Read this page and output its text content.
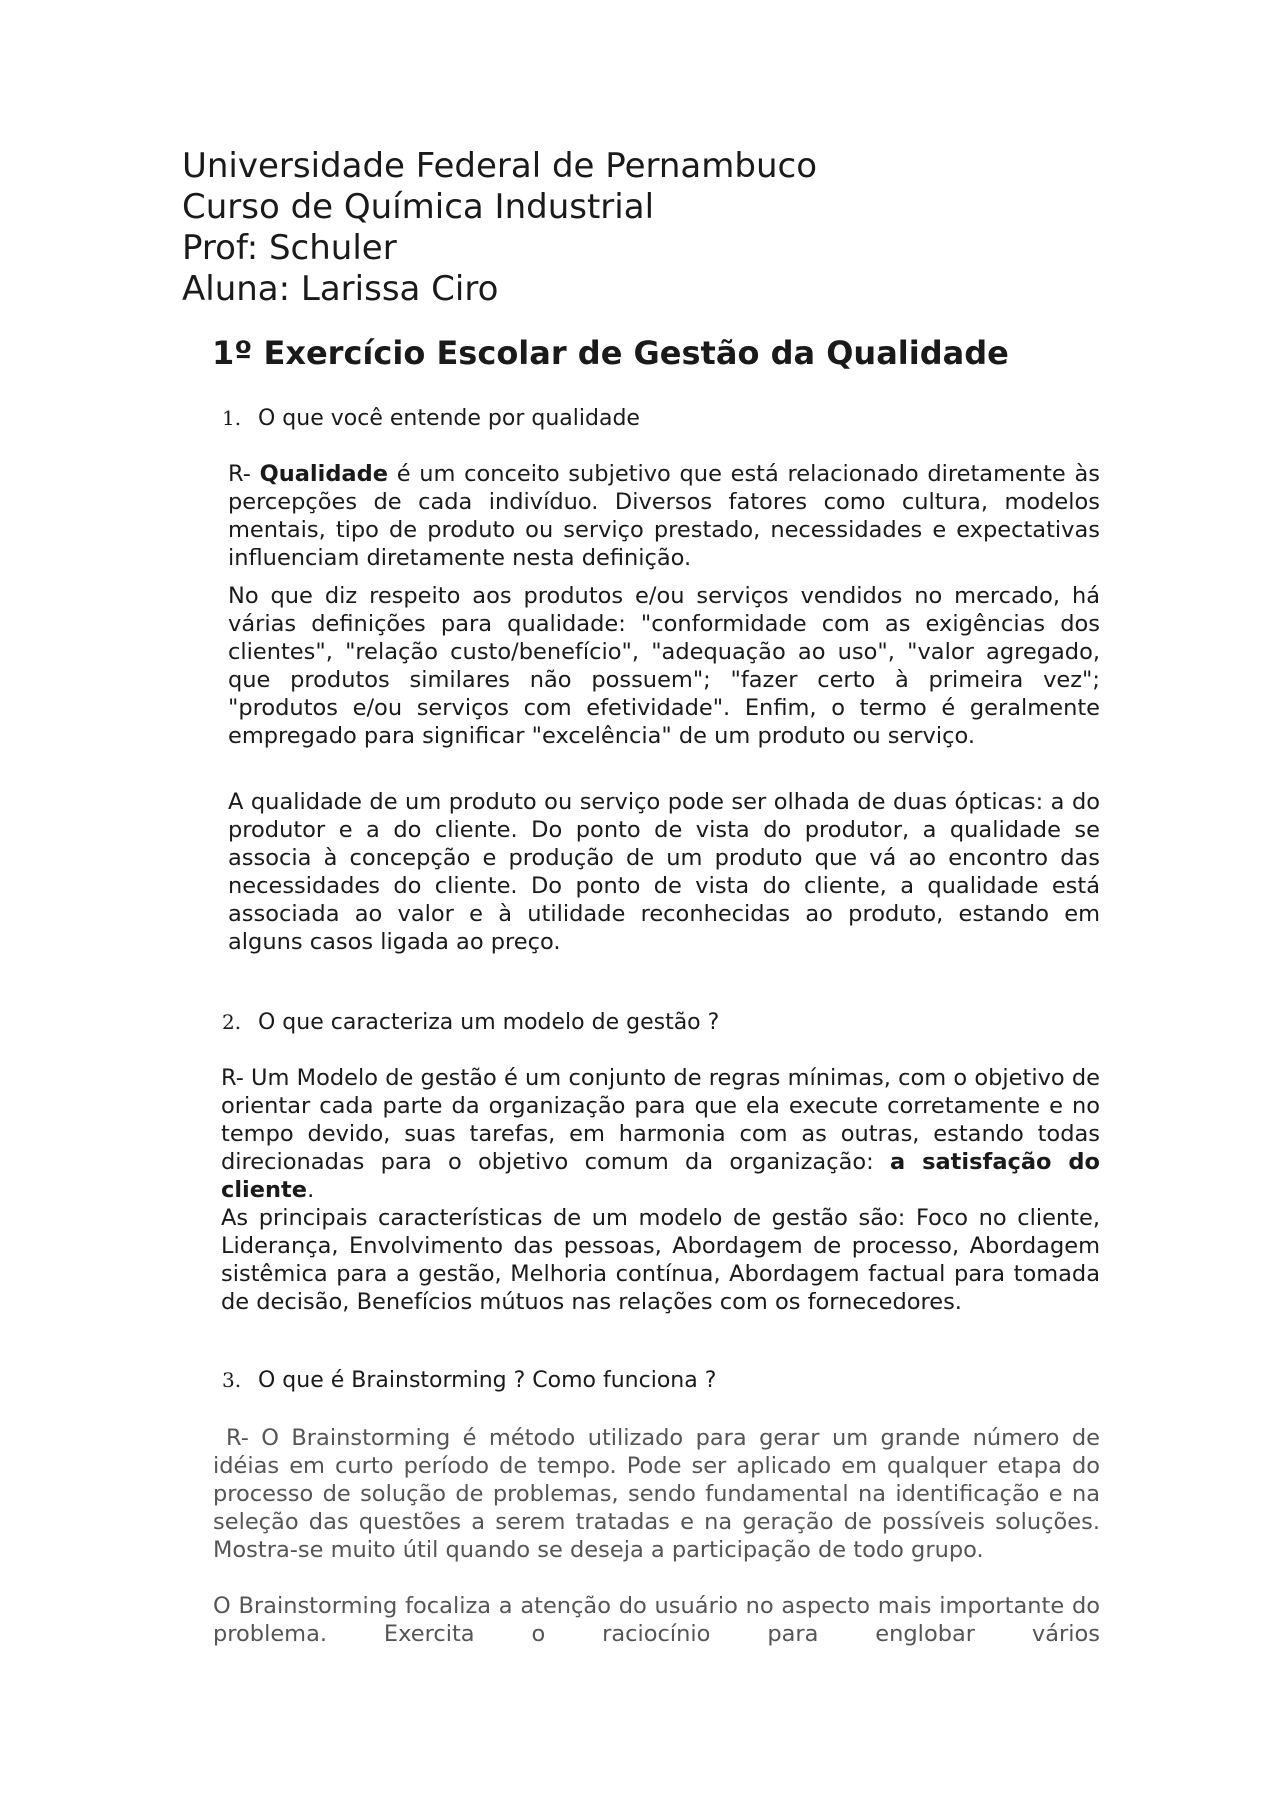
Universidade Federal de Pernambuco
Curso de Química Industrial
Prof: Schuler
Aluna: Larissa Ciro
1º Exercício Escolar de Gestão da Qualidade
1. O que você entende por qualidade
R- Qualidade é um conceito subjetivo que está relacionado diretamente às percepções de cada indivíduo. Diversos fatores como cultura, modelos mentais, tipo de produto ou serviço prestado, necessidades e expectativas influenciam diretamente nesta definição.
No que diz respeito aos produtos e/ou serviços vendidos no mercado, há várias definições para qualidade: "conformidade com as exigências dos clientes", "relação custo/benefício", "adequação ao uso", "valor agregado, que produtos similares não possuem"; "fazer certo à primeira vez"; "produtos e/ou serviços com efetividade". Enfim, o termo é geralmente empregado para significar "excelência" de um produto ou serviço.
A qualidade de um produto ou serviço pode ser olhada de duas ópticas: a do produtor e a do cliente. Do ponto de vista do produtor, a qualidade se associa à concepção e produção de um produto que vá ao encontro das necessidades do cliente. Do ponto de vista do cliente, a qualidade está associada ao valor e à utilidade reconhecidas ao produto, estando em alguns casos ligada ao preço.
2. O que caracteriza um modelo de gestão ?
R- Um Modelo de gestão é um conjunto de regras mínimas, com o objetivo de orientar cada parte da organização para que ela execute corretamente e no tempo devido, suas tarefas, em harmonia com as outras, estando todas direcionadas para o objetivo comum da organização: a satisfação do cliente.
As principais características de um modelo de gestão são: Foco no cliente, Liderança, Envolvimento das pessoas, Abordagem de processo, Abordagem sistêmica para a gestão, Melhoria contínua, Abordagem factual para tomada de decisão, Benefícios mútuos nas relações com os fornecedores.
3. O que é Brainstorming ? Como funciona ?
R- O Brainstorming é método utilizado para gerar um grande número de idéias em curto período de tempo. Pode ser aplicado em qualquer etapa do processo de solução de problemas, sendo fundamental na identificação e na seleção das questões a serem tratadas e na geração de possíveis soluções. Mostra-se muito útil quando se deseja a participação de todo grupo.
O Brainstorming focaliza a atenção do usuário no aspecto mais importante do problema. Exercita o raciocínio para englobar vários
